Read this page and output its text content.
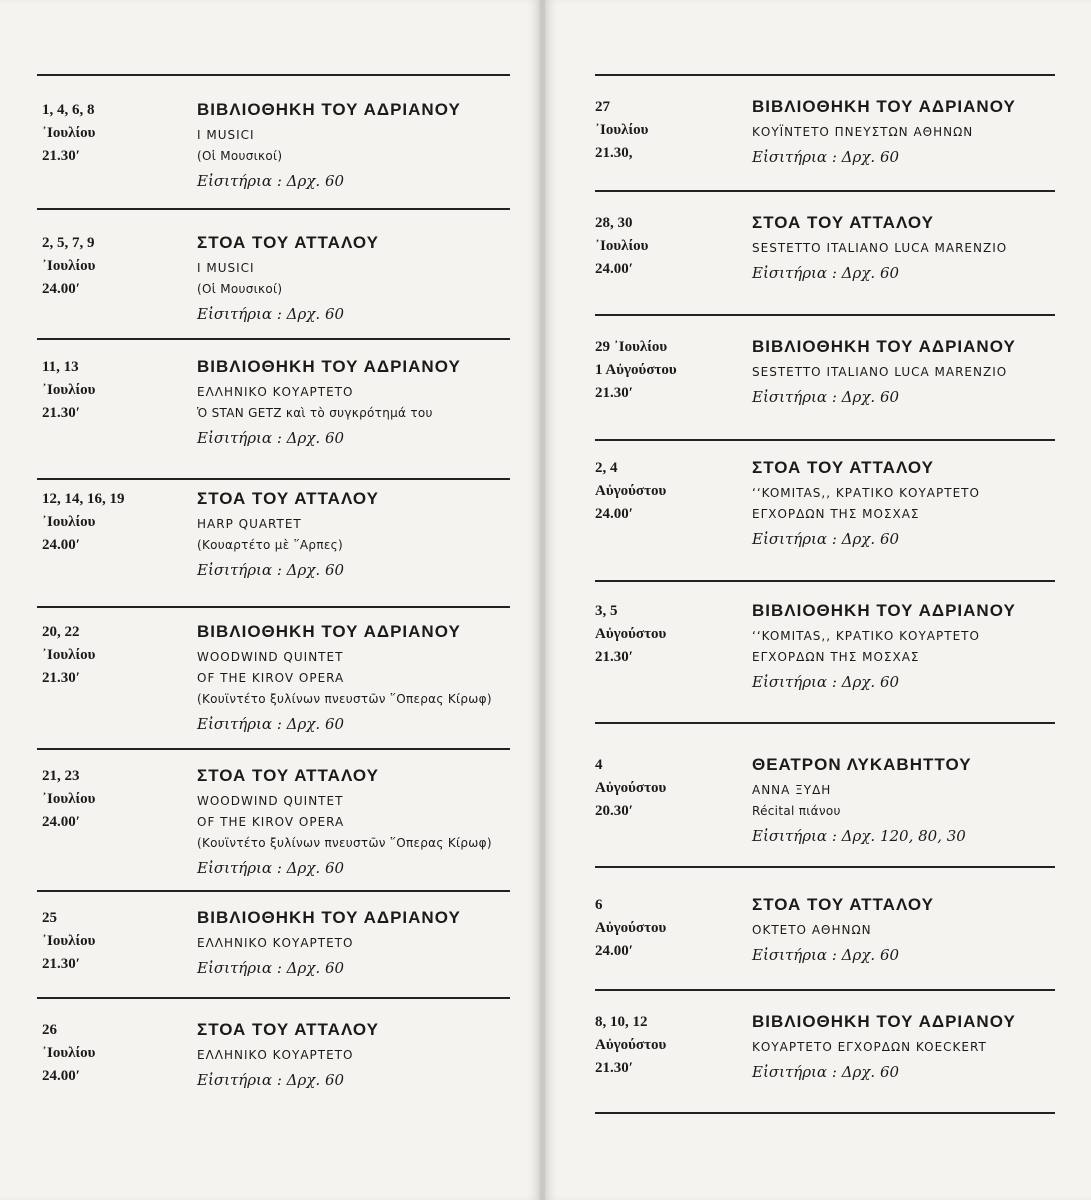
1, 4, 6, 8
᾿Ιουλίου
21.30′
ΒΙΒΛΙΟΘΗΚΗ ΤΟΥ ΑΔΡΙΑΝΟΥ
I MUSICI
(Οἱ Μουσικοί)
Εἰσιτήρια : Δρχ. 60
2, 5, 7, 9
᾿Ιουλίου
24.00′
ΣΤΟΑ ΤΟΥ ΑΤΤΑΛΟΥ
I MUSICI
(Οἱ Μουσικοί)
Εἰσιτήρια : Δρχ. 60
11, 13
᾿Ιουλίου
21.30′
ΒΙΒΛΙΟΘΗΚΗ ΤΟΥ ΑΔΡΙΑΝΟΥ
ΕΛΛΗΝΙΚΟ ΚΟΥΑΡΤΕΤΟ
Ὁ STAN GETZ καὶ τὸ συγκρότημά του
Εἰσιτήρια : Δρχ. 60
12, 14, 16, 19
᾿Ιουλίου
24.00′
ΣΤΟΑ ΤΟΥ ΑΤΤΑΛΟΥ
HARP QUARTET
(Κουαρτέτο μὲ ῞Αρπες)
Εἰσιτήρια : Δρχ. 60
20, 22
᾿Ιουλίου
21.30′
ΒΙΒΛΙΟΘΗΚΗ ΤΟΥ ΑΔΡΙΑΝΟΥ
WOODWIND QUINTET
OF THE KIROV OPERA
(Κουϊντέτο ξυλίνων πνευστῶν ῞Οπερας Κίρωφ)
Εἰσιτήρια : Δρχ. 60
21, 23
᾿Ιουλίου
24.00′
ΣΤΟΑ ΤΟΥ ΑΤΤΑΛΟΥ
WOODWIND QUINTET
OF THE KIROV OPERA
(Κουϊντέτο ξυλίνων πνευστῶν ῞Οπερας Κίρωφ)
Εἰσιτήρια : Δρχ. 60
25
᾿Ιουλίου
21.30′
ΒΙΒΛΙΟΘΗΚΗ ΤΟΥ ΑΔΡΙΑΝΟΥ
ΕΛΛΗΝΙΚΟ ΚΟΥΑΡΤΕΤΟ
Εἰσιτήρια : Δρχ. 60
26
᾿Ιουλίου
24.00′
ΣΤΟΑ ΤΟΥ ΑΤΤΑΛΟΥ
ΕΛΛΗΝΙΚΟ ΚΟΥΑΡΤΕΤΟ
Εἰσιτήρια : Δρχ. 60
27
᾿Ιουλίου
21.30,
ΒΙΒΛΙΟΘΗΚΗ ΤΟΥ ΑΔΡΙΑΝΟΥ
ΚΟΥΪΝΤΕΤΟ ΠΝΕΥΣΤΩΝ ΑΘΗΝΩΝ
Εἰσιτήρια : Δρχ. 60
28, 30
᾿Ιουλίου
24.00′
ΣΤΟΑ ΤΟΥ ΑΤΤΑΛΟΥ
SESTETTO ITALIANO LUCA MARENZIO
Εἰσιτήρια : Δρχ. 60
29 ᾿Ιουλίου
1 Αὐγούστου
21.30′
ΒΙΒΛΙΟΘΗΚΗ ΤΟΥ ΑΔΡΙΑΝΟΥ
SESTETTO ITALIANO LUCA MARENZIO
Εἰσιτήρια : Δρχ. 60
2, 4
Αὐγούστου
24.00′
ΣΤΟΑ ΤΟΥ ΑΤΤΑΛΟΥ
ʻʻKOMITAS,, ΚΡΑΤΙΚΟ ΚΟΥΑΡΤΕΤΟ
ΕΓΧΟΡΔΩΝ ΤΗΣ ΜΟΣΧΑΣ
Εἰσιτήρια : Δρχ. 60
3, 5
Αὐγούστου
21.30′
ΒΙΒΛΙΟΘΗΚΗ ΤΟΥ ΑΔΡΙΑΝΟΥ
ʻʻKOMITAS,, ΚΡΑΤΙΚΟ ΚΟΥΑΡΤΕΤΟ
ΕΓΧΟΡΔΩΝ ΤΗΣ ΜΟΣΧΑΣ
Εἰσιτήρια : Δρχ. 60
4
Αὐγούστου
20.30′
ΘΕΑΤΡΟΝ ΛΥΚΑΒΗΤΤΟΥ
ΑΝΝΑ ΞΥΔΗ
Récital πιάνου
Εἰσιτήρια : Δρχ. 120, 80, 30
6
Αὐγούστου
24.00′
ΣΤΟΑ ΤΟΥ ΑΤΤΑΛΟΥ
ΟΚΤΕΤΟ ΑΘΗΝΩΝ
Εἰσιτήρια : Δρχ. 60
8, 10, 12
Αὐγούστου
21.30′
ΒΙΒΛΙΟΘΗΚΗ ΤΟΥ ΑΔΡΙΑΝΟΥ
ΚΟΥΑΡΤΕΤΟ ΕΓΧΟΡΔΩΝ KOECKERT
Εἰσιτήρια : Δρχ. 60
